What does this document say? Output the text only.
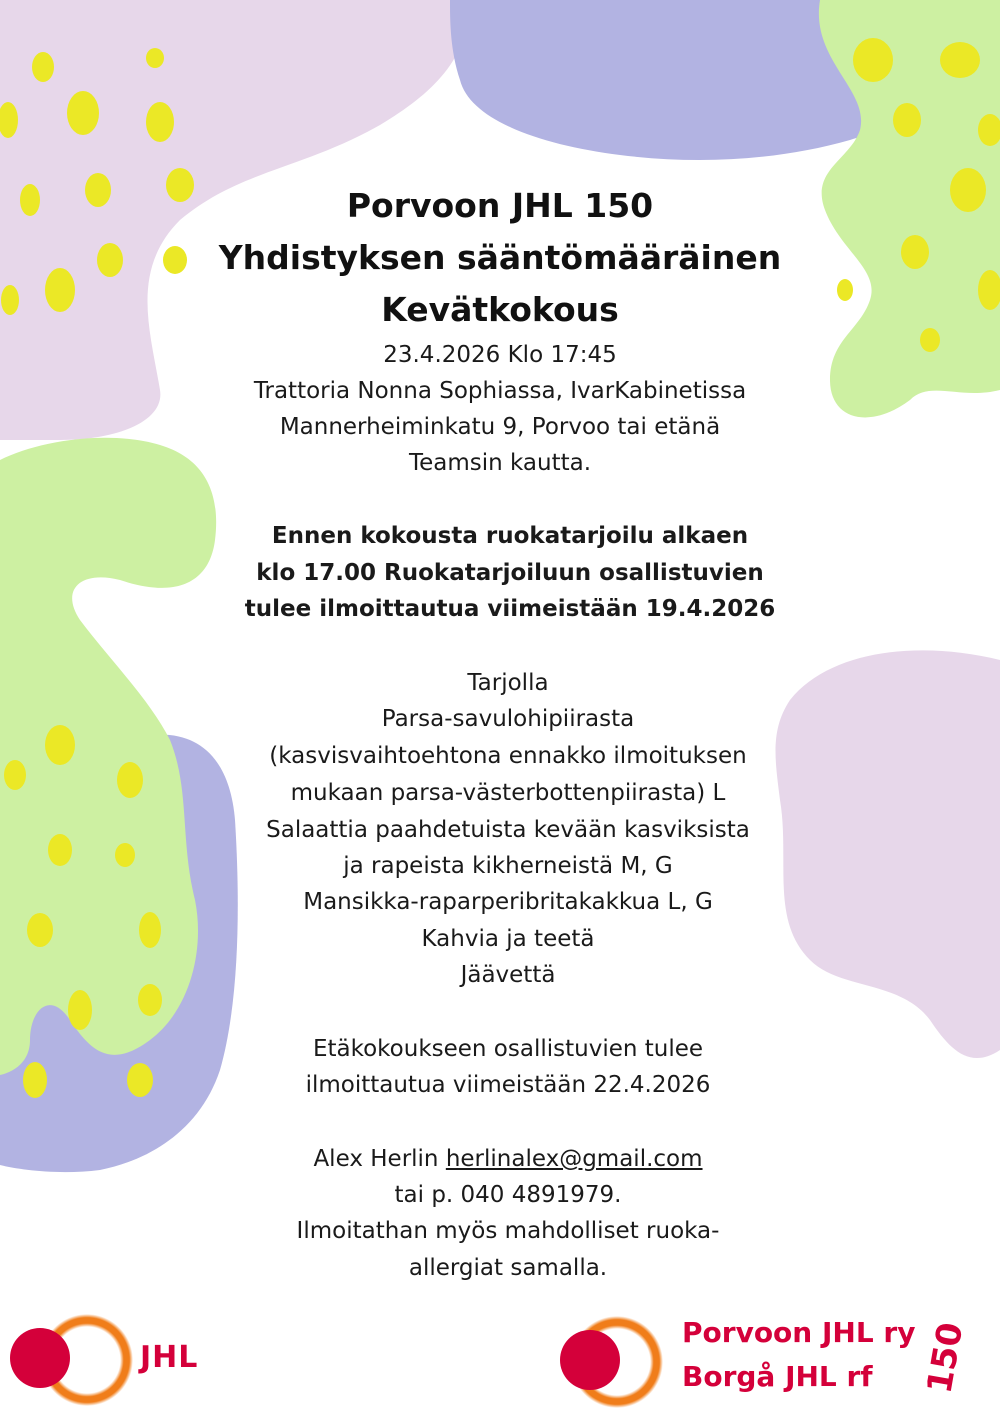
Porvoon JHL 150
Yhdistyksen sääntömääräinen
Kevätkokous
23.4.2026 Klo 17:45
Trattoria Nonna Sophiassa, IvarKabinetissa
Mannerheiminkatu 9, Porvoo tai etänä
Teamsin kautta.
Ennen kokousta ruokatarjoilu alkaen
klo 17.00 Ruokatarjoiluun osallistuvien
tulee ilmoittautua viimeistään 19.4.2026
Tarjolla
Parsa-savulohipiirasta
(kasvisvaihtoehtona ennakko ilmoituksen
mukaan parsa-västerbottenpiirasta) L
Salaattia paahdetuista kevään kasviksista
ja rapeista kikherneistä M, G
Mansikka-raparperibritakakkua L, G
Kahvia ja teetä
Jäävettä
Etäkokoukseen osallistuvien tulee
ilmoittautua viimeistään 22.4.2026
Alex Herlin herlinalex@gmail.com
tai p. 040 4891979.
Ilmoitathan myös mahdolliset ruoka-
allergiat samalla.
JHL
Porvoon JHL ry
Borgå JHL rf 150
